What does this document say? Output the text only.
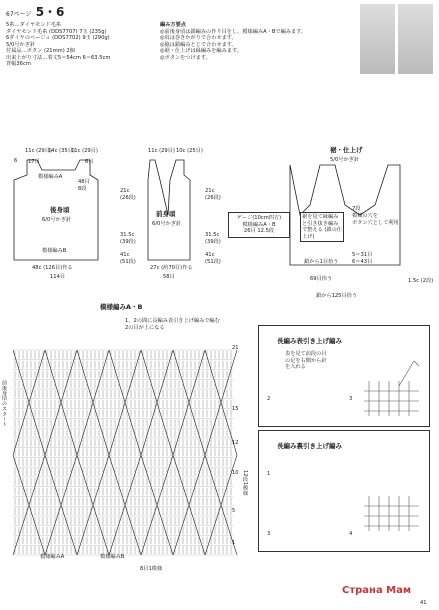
67ページ 5・6
5糸…ダイヤモンド毛糸
ダイヤモンド毛糸 (DDS7707) 7玉 (235g)
6ダイヤのベージュ (DDS7702) 9玉 (290g)
5/0号かぎ針
付属品…ボタン (21mm) 2個
出来上がり寸法…着丈5＝54cm 6＝63.5cm
背幅36cm
編み方要点
◎前後身頃は鎖編みの作り目をし、模様編みA・Bで編みます。
◎肩は巻きかがりで合わせます。
◎脇は鎖編みとじで合わせます。
◎裾・仕上げは縁編みを編みます。
◎ボタンをつけます。
11c (29目)
14c (35目)
11c (29目)
6 17目	6目
模様編みA
48目
8段
後身頃
6/0号かぎ針
模様編みB
48c (126目)作る
114目
21c
(26段)
31.5c
(39段)
41c
(51段)
11c (29目) 10c (25目)
前身頃
6/0号かぎ針
27c (約70目)作る
58目
21c
(26段)
31.5c
(39段)
41c
(51段)
ゲージ(10cm四方)
模様編みA・B
26目 12.5段
裾・仕上げ
5/0号かぎ針
裾を見て縁編みと引き抜き編みで整える (鎖の仕上げ)
7段
模様の穴を
ボタン穴として利用
5＝31目
6＝43目
鎖から1目拾う
69目拾う
鎖から125目拾う
1.5c (2段)
模様編みA・B
1、2の間に長編み表引き上げ編みで編む
2の目が上になる
21
15
12
10
5
1
12段1模様
前後身頃のスタート
模様編みA	模様編みB
8目1模様
長編み表引き上げ編み
表を見て前段の目の足を右側から針を入れる
2	3
長編み裏引き上げ編み
1
3	4
Страна Мам
41
